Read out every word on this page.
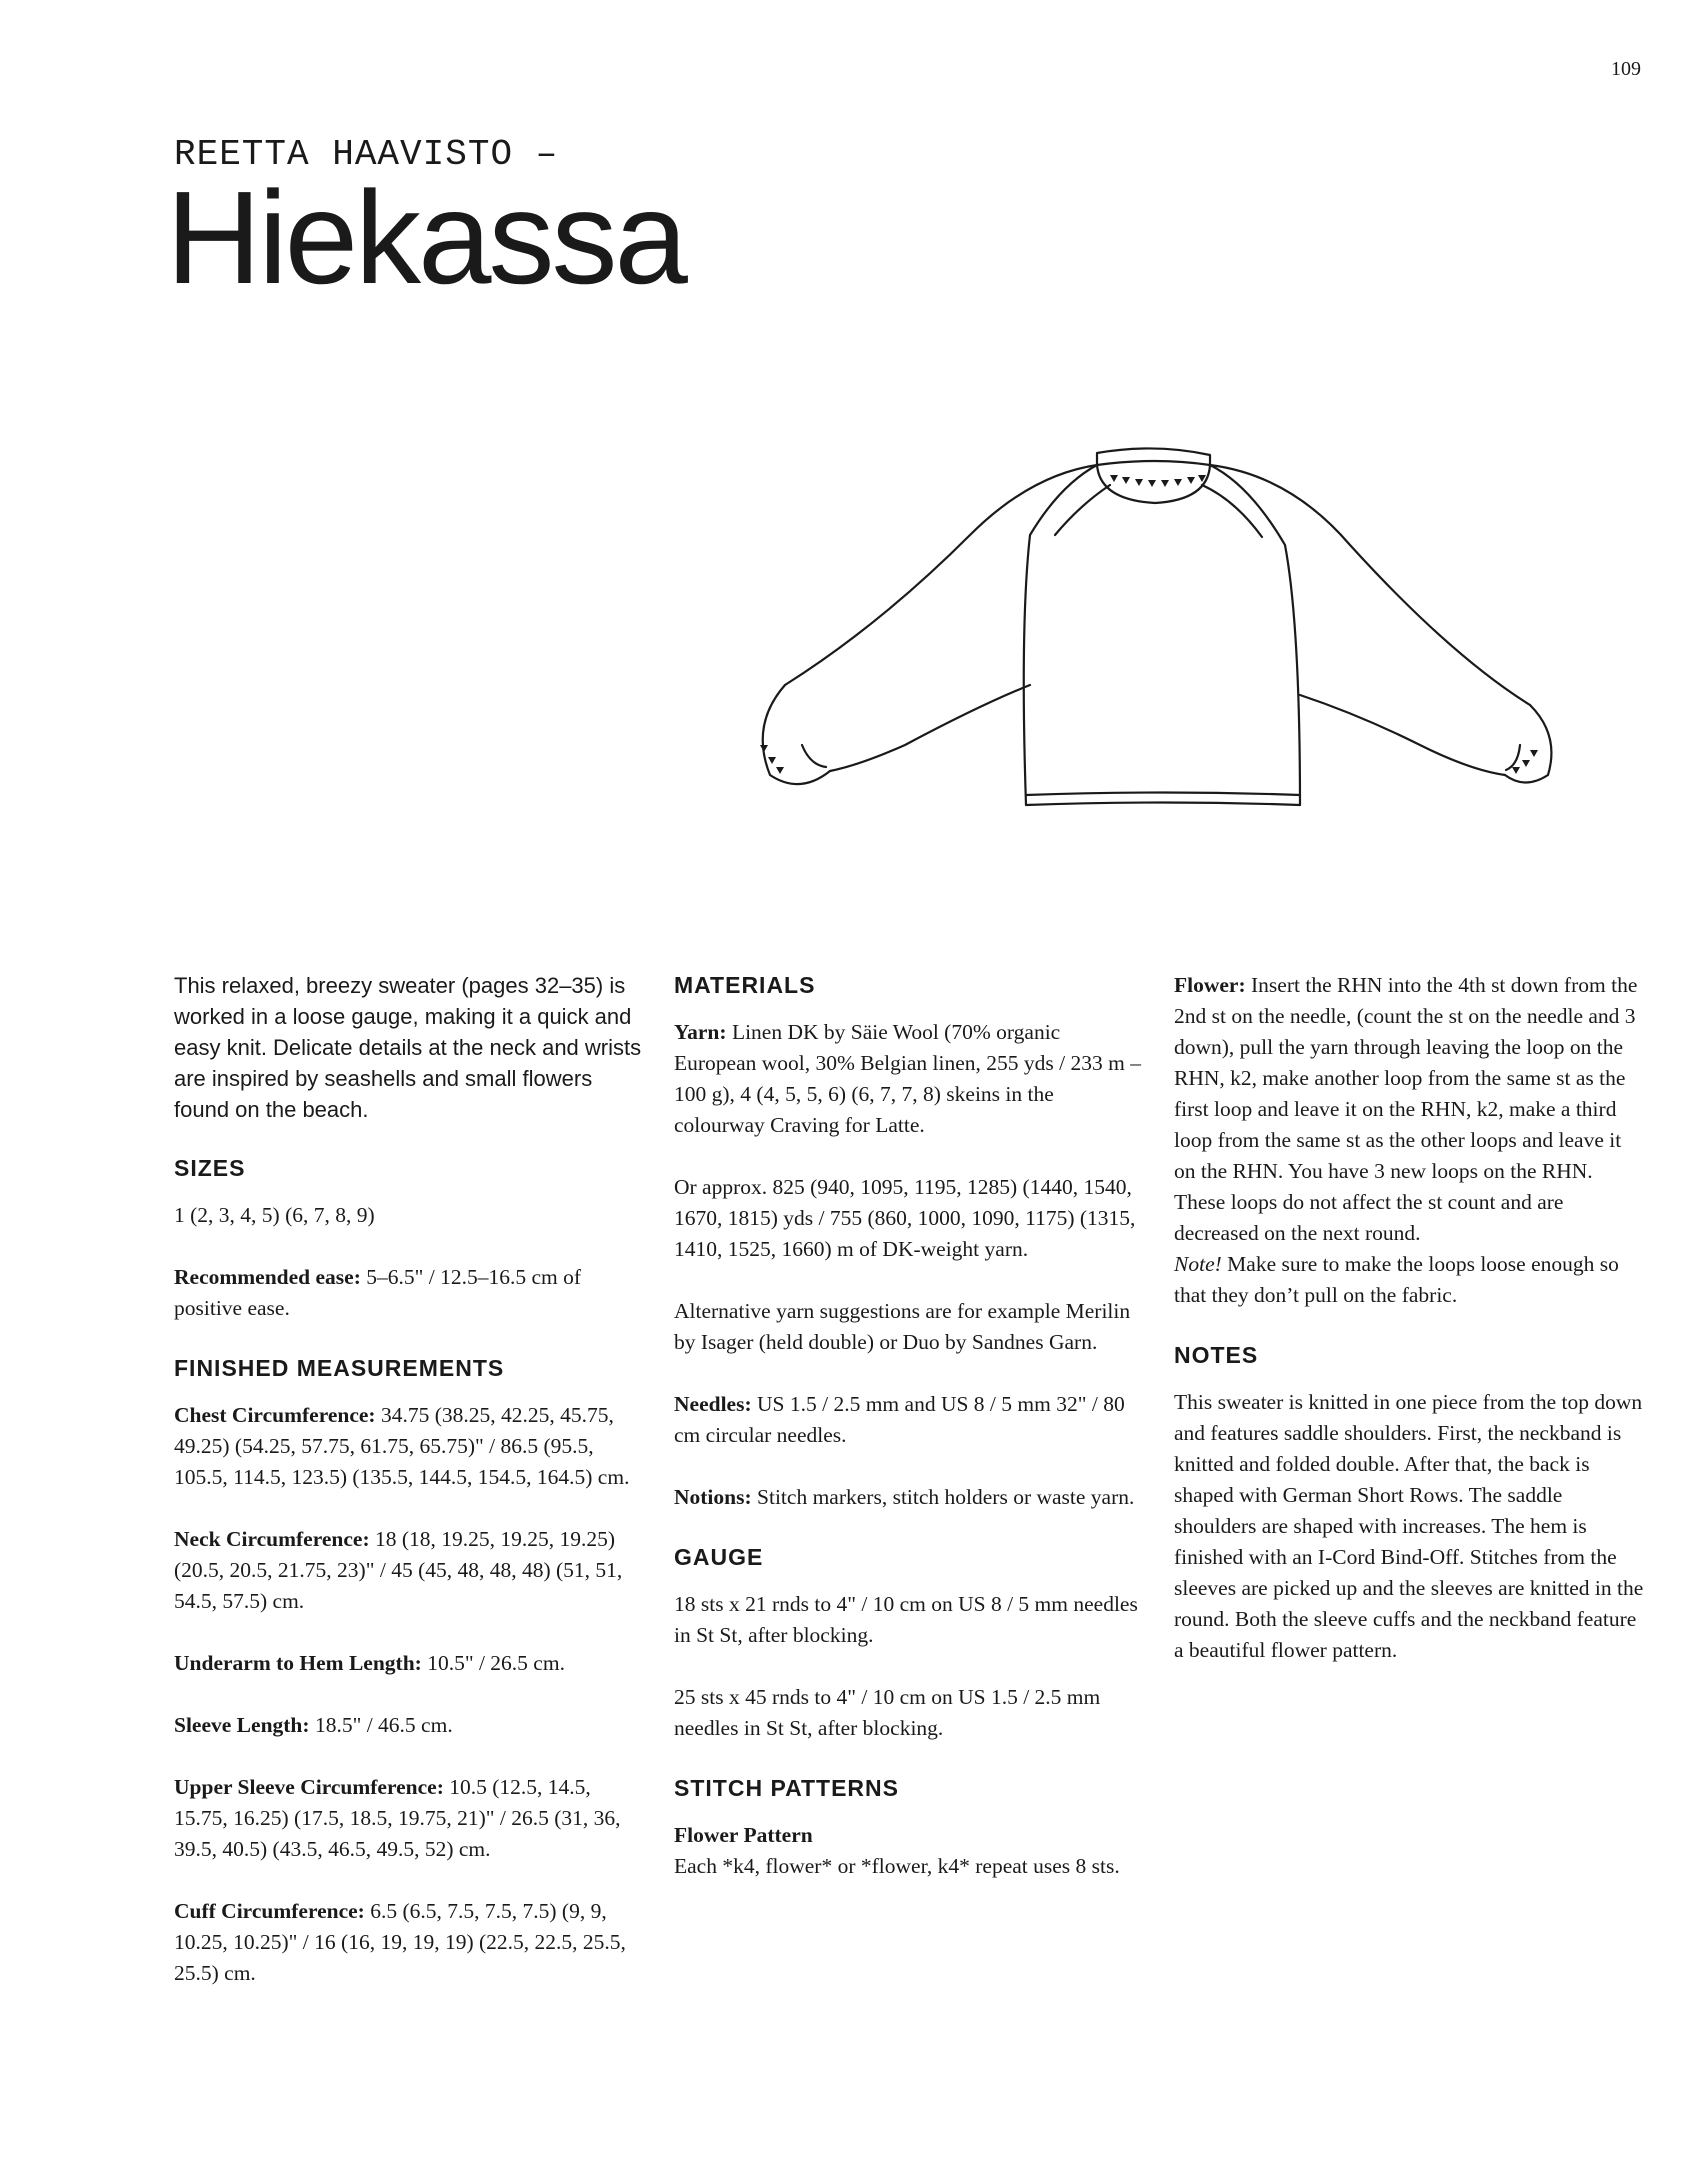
109
REETTA HAAVISTO –
Hiekassa

This relaxed, breezy sweater (pages 32–35) is worked in a loose gauge, making it a quick and easy knit. Delicate details at the neck and wrists are inspired by seashells and small flowers found on the beach.

SIZES

1 (2, 3, 4, 5) (6, 7, 8, 9)

Recommended ease: 5–6.5" / 12.5–16.5 cm of positive ease.

FINISHED MEASUREMENTS

Chest Circumference: 34.75 (38.25, 42.25, 45.75, 49.25) (54.25, 57.75, 61.75, 65.75)" / 86.5 (95.5, 105.5, 114.5, 123.5) (135.5, 144.5, 154.5, 164.5) cm.

Neck Circumference: 18 (18, 19.25, 19.25, 19.25) (20.5, 20.5, 21.75, 23)" / 45 (45, 48, 48, 48) (51, 51, 54.5, 57.5) cm.

Underarm to Hem Length: 10.5" / 26.5 cm.

Sleeve Length: 18.5" / 46.5 cm.

Upper Sleeve Circumference: 10.5 (12.5, 14.5, 15.75, 16.25) (17.5, 18.5, 19.75, 21)" / 26.5 (31, 36, 39.5, 40.5) (43.5, 46.5, 49.5, 52) cm.

Cuff Circumference: 6.5 (6.5, 7.5, 7.5, 7.5) (9, 9, 10.25, 10.25)" / 16 (16, 19, 19, 19) (22.5, 22.5, 25.5, 25.5) cm.

MATERIALS

Yarn: Linen DK by Säie Wool (70% organic European wool, 30% Belgian linen, 255 yds / 233 m – 100 g), 4 (4, 5, 5, 6) (6, 7, 7, 8) skeins in the colourway Craving for Latte.

Or approx. 825 (940, 1095, 1195, 1285) (1440, 1540, 1670, 1815) yds / 755 (860, 1000, 1090, 1175) (1315, 1410, 1525, 1660) m of DK-weight yarn.

Alternative yarn suggestions are for example Merilin by Isager (held double) or Duo by Sandnes Garn.

Needles: US 1.5 / 2.5 mm and US 8 / 5 mm 32" / 80 cm circular needles.

Notions: Stitch markers, stitch holders or waste yarn.

GAUGE

18 sts x 21 rnds to 4" / 10 cm on US 8 / 5 mm needles in St St, after blocking.

25 sts x 45 rnds to 4" / 10 cm on US 1.5 / 2.5 mm needles in St St, after blocking.

STITCH PATTERNS

Flower Pattern

Each *k4, flower* or *flower, k4* repeat uses 8 sts.

Flower: Insert the RHN into the 4th st down from the 2nd st on the needle, (count the st on the needle and 3 down), pull the yarn through leaving the loop on the RHN, k2, make another loop from the same st as the first loop and leave it on the RHN, k2, make a third loop from the same st as the other loops and leave it on the RHN. You have 3 new loops on the RHN. These loops do not affect the st count and are decreased on the next round.

Note! Make sure to make the loops loose enough so that they don’t pull on the fabric.

NOTES

This sweater is knitted in one piece from the top down and features saddle shoulders. First, the neckband is knitted and folded double. After that, the back is shaped with German Short Rows. The saddle shoulders are shaped with increases. The hem is finished with an I-Cord Bind-Off. Stitches from the sleeves are picked up and the sleeves are knitted in the round. Both the sleeve cuffs and the neckband feature a beautiful flower pattern.
